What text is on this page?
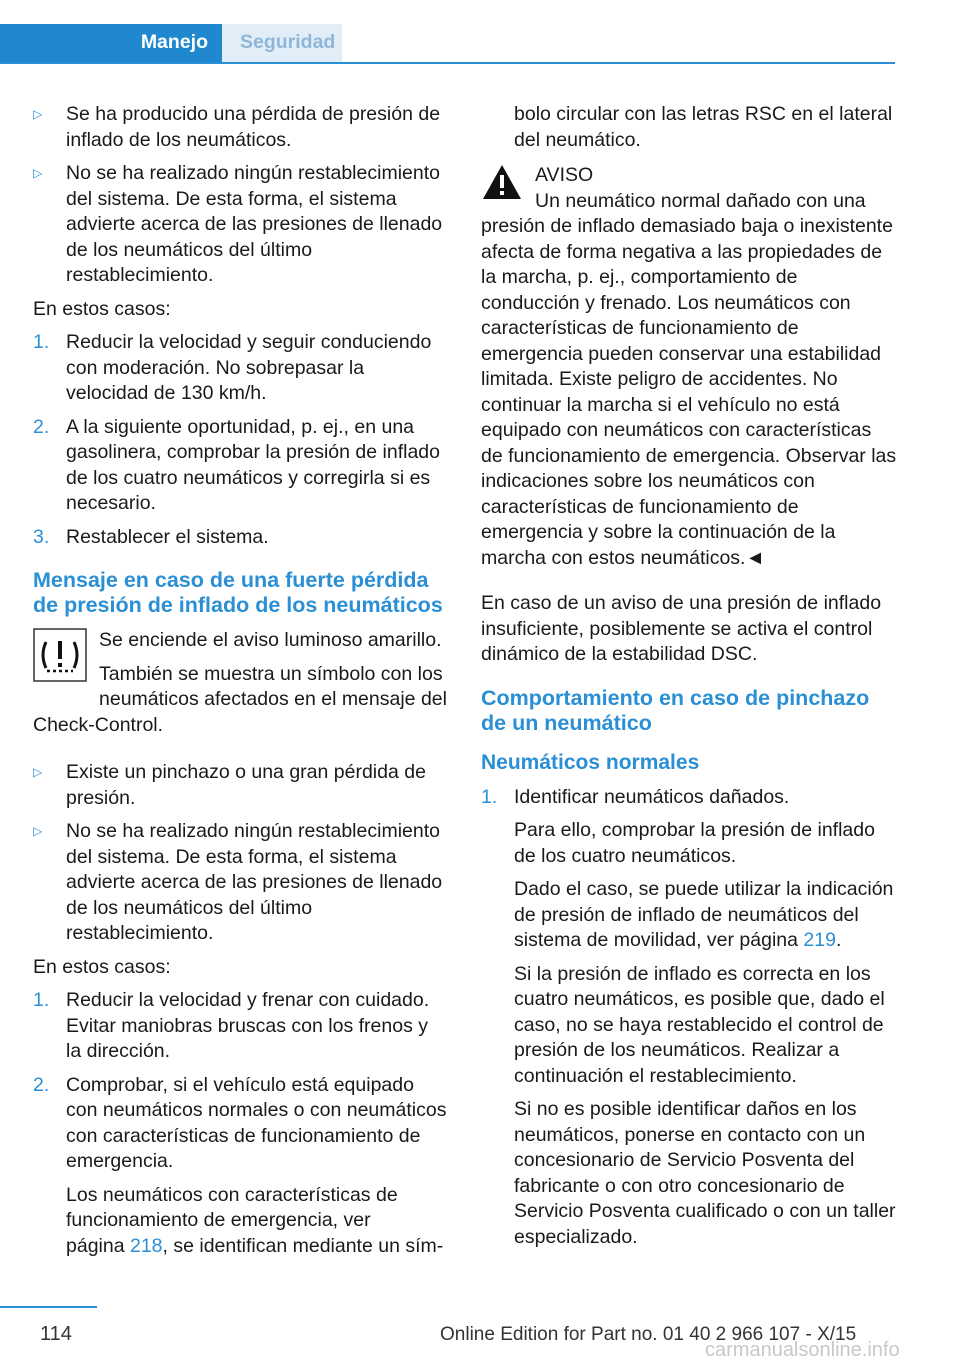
Manejo Seguridad
▷ Se ha producido una pérdida de presión de inflado de los neumáticos.
▷ No se ha realizado ningún restablecimiento del sistema. De esta forma, el sistema advierte acerca de las presiones de llenado de los neumáticos del último restablecimiento.

En estos casos:

1. Reducir la velocidad y seguir conduciendo con moderación. No sobrepasar la velocidad de 130 km/h.
2. A la siguiente oportunidad, p. ej., en una gasolinera, comprobar la presión de inflado de los cuatro neumáticos y corregirla si es necesario.
3. Restablecer el sistema.
Mensaje en caso de una fuerte pérdida de presión de inflado de los neumáticos

Se enciende el aviso luminoso amarillo.

También se muestra un símbolo con los neumáticos afectados en el mensaje del Check-Control.

▷ Existe un pinchazo o una gran pérdida de presión.
▷ No se ha realizado ningún restablecimiento del sistema. De esta forma, el sistema advierte acerca de las presiones de llenado de los neumáticos del último restablecimiento.

En estos casos:

1. Reducir la velocidad y frenar con cuidado. Evitar maniobras bruscas con los frenos y la dirección.
2. Comprobar, si el vehículo está equipado con neumáticos normales o con neumáticos con características de funcionamiento de emergencia.
Los neumáticos con características de funcionamiento de emergencia, ver página 218, se identifican mediante un sím-

bolo circular con las letras RSC en el lateral del neumático.

AVISO

Un neumático normal dañado con una presión de inflado demasiado baja o inexistente afecta de forma negativa a las propiedades de la marcha, p. ej., comportamiento de conducción y frenado. Los neumáticos con características de funcionamiento de emergencia pueden conservar una estabilidad limitada. Existe peligro de accidentes. No continuar la marcha si el vehículo no está equipado con neumáticos con características de funcionamiento de emergencia. Observar las indicaciones sobre los neumáticos con características de funcionamiento de emergencia y sobre la continuación de la marcha con estos neumáticos.◄

En caso de un aviso de una presión de inflado insuficiente, posiblemente se activa el control dinámico de la estabilidad DSC.

Comportamiento en caso de pinchazo de un neumático
Neumáticos normales
1. Identificar neumáticos dañados.
Para ello, comprobar la presión de inflado de los cuatro neumáticos.
Dado el caso, se puede utilizar la indicación de presión de inflado de neumáticos del sistema de movilidad, ver página 219.
Si la presión de inflado es correcta en los cuatro neumáticos, es posible que, dado el caso, no se haya restablecido el control de presión de los neumáticos. Realizar a continuación el restablecimiento.
Si no es posible identificar daños en los neumáticos, ponerse en contacto con un concesionario de Servicio Posventa del fabricante o con otro concesionario de Servicio Posventa cualificado o con un taller especializado.
114	Online Edition for Part no. 01 40 2 966 107 - X/15
carmanualsonline.info
